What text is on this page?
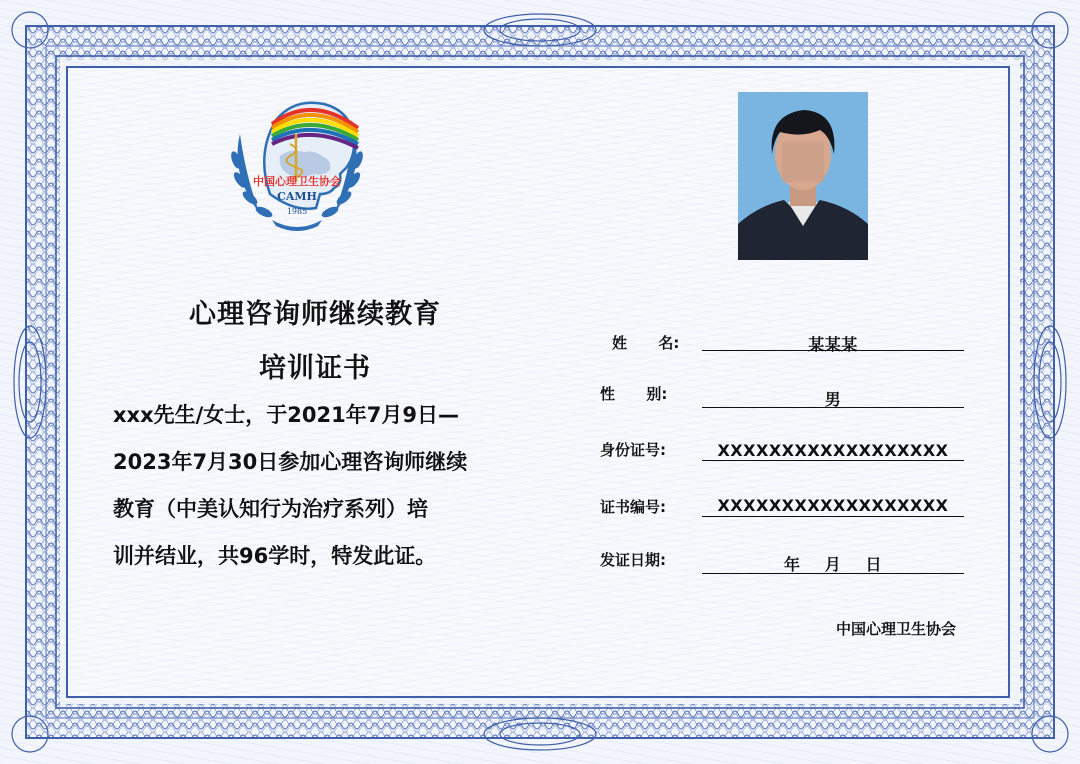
中国心理卫生协会
CAMH
1985
心理咨询师继续教育
培训证书

xxx先生/女士，于2021年7月9日—
2023年7月30日参加心理咨询师继续
教育（中美认知行为治疗系列）培
训并结业，共96学时，特发此证。

姓      名:	某某某
性      别:	男
身份证号:	XXXXXXXXXXXXXXXXXX
证书编号:	XXXXXXXXXXXXXXXXXX
发证日期:	年    月    日
中国心理卫生协会
